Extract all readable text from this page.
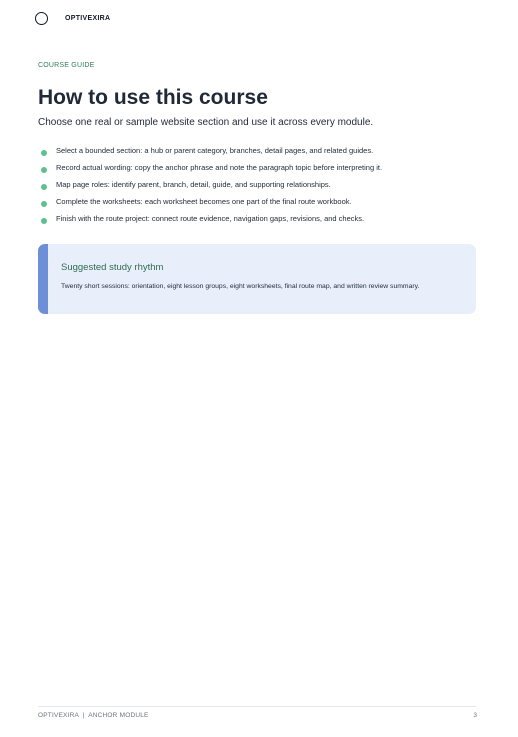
OPTIVEXIRA
COURSE GUIDE
How to use this course
Choose one real or sample website section and use it across every module.
Select a bounded section: a hub or parent category, branches, detail pages, and related guides.
Record actual wording: copy the anchor phrase and note the paragraph topic before interpreting it.
Map page roles: identify parent, branch, detail, guide, and supporting relationships.
Complete the worksheets: each worksheet becomes one part of the final route workbook.
Finish with the route project: connect route evidence, navigation gaps, revisions, and checks.
Suggested study rhythm
Twenty short sessions: orientation, eight lesson groups, eight worksheets, final route map, and written review summary.
OPTIVEXIRA  |  ANCHOR MODULE	3
